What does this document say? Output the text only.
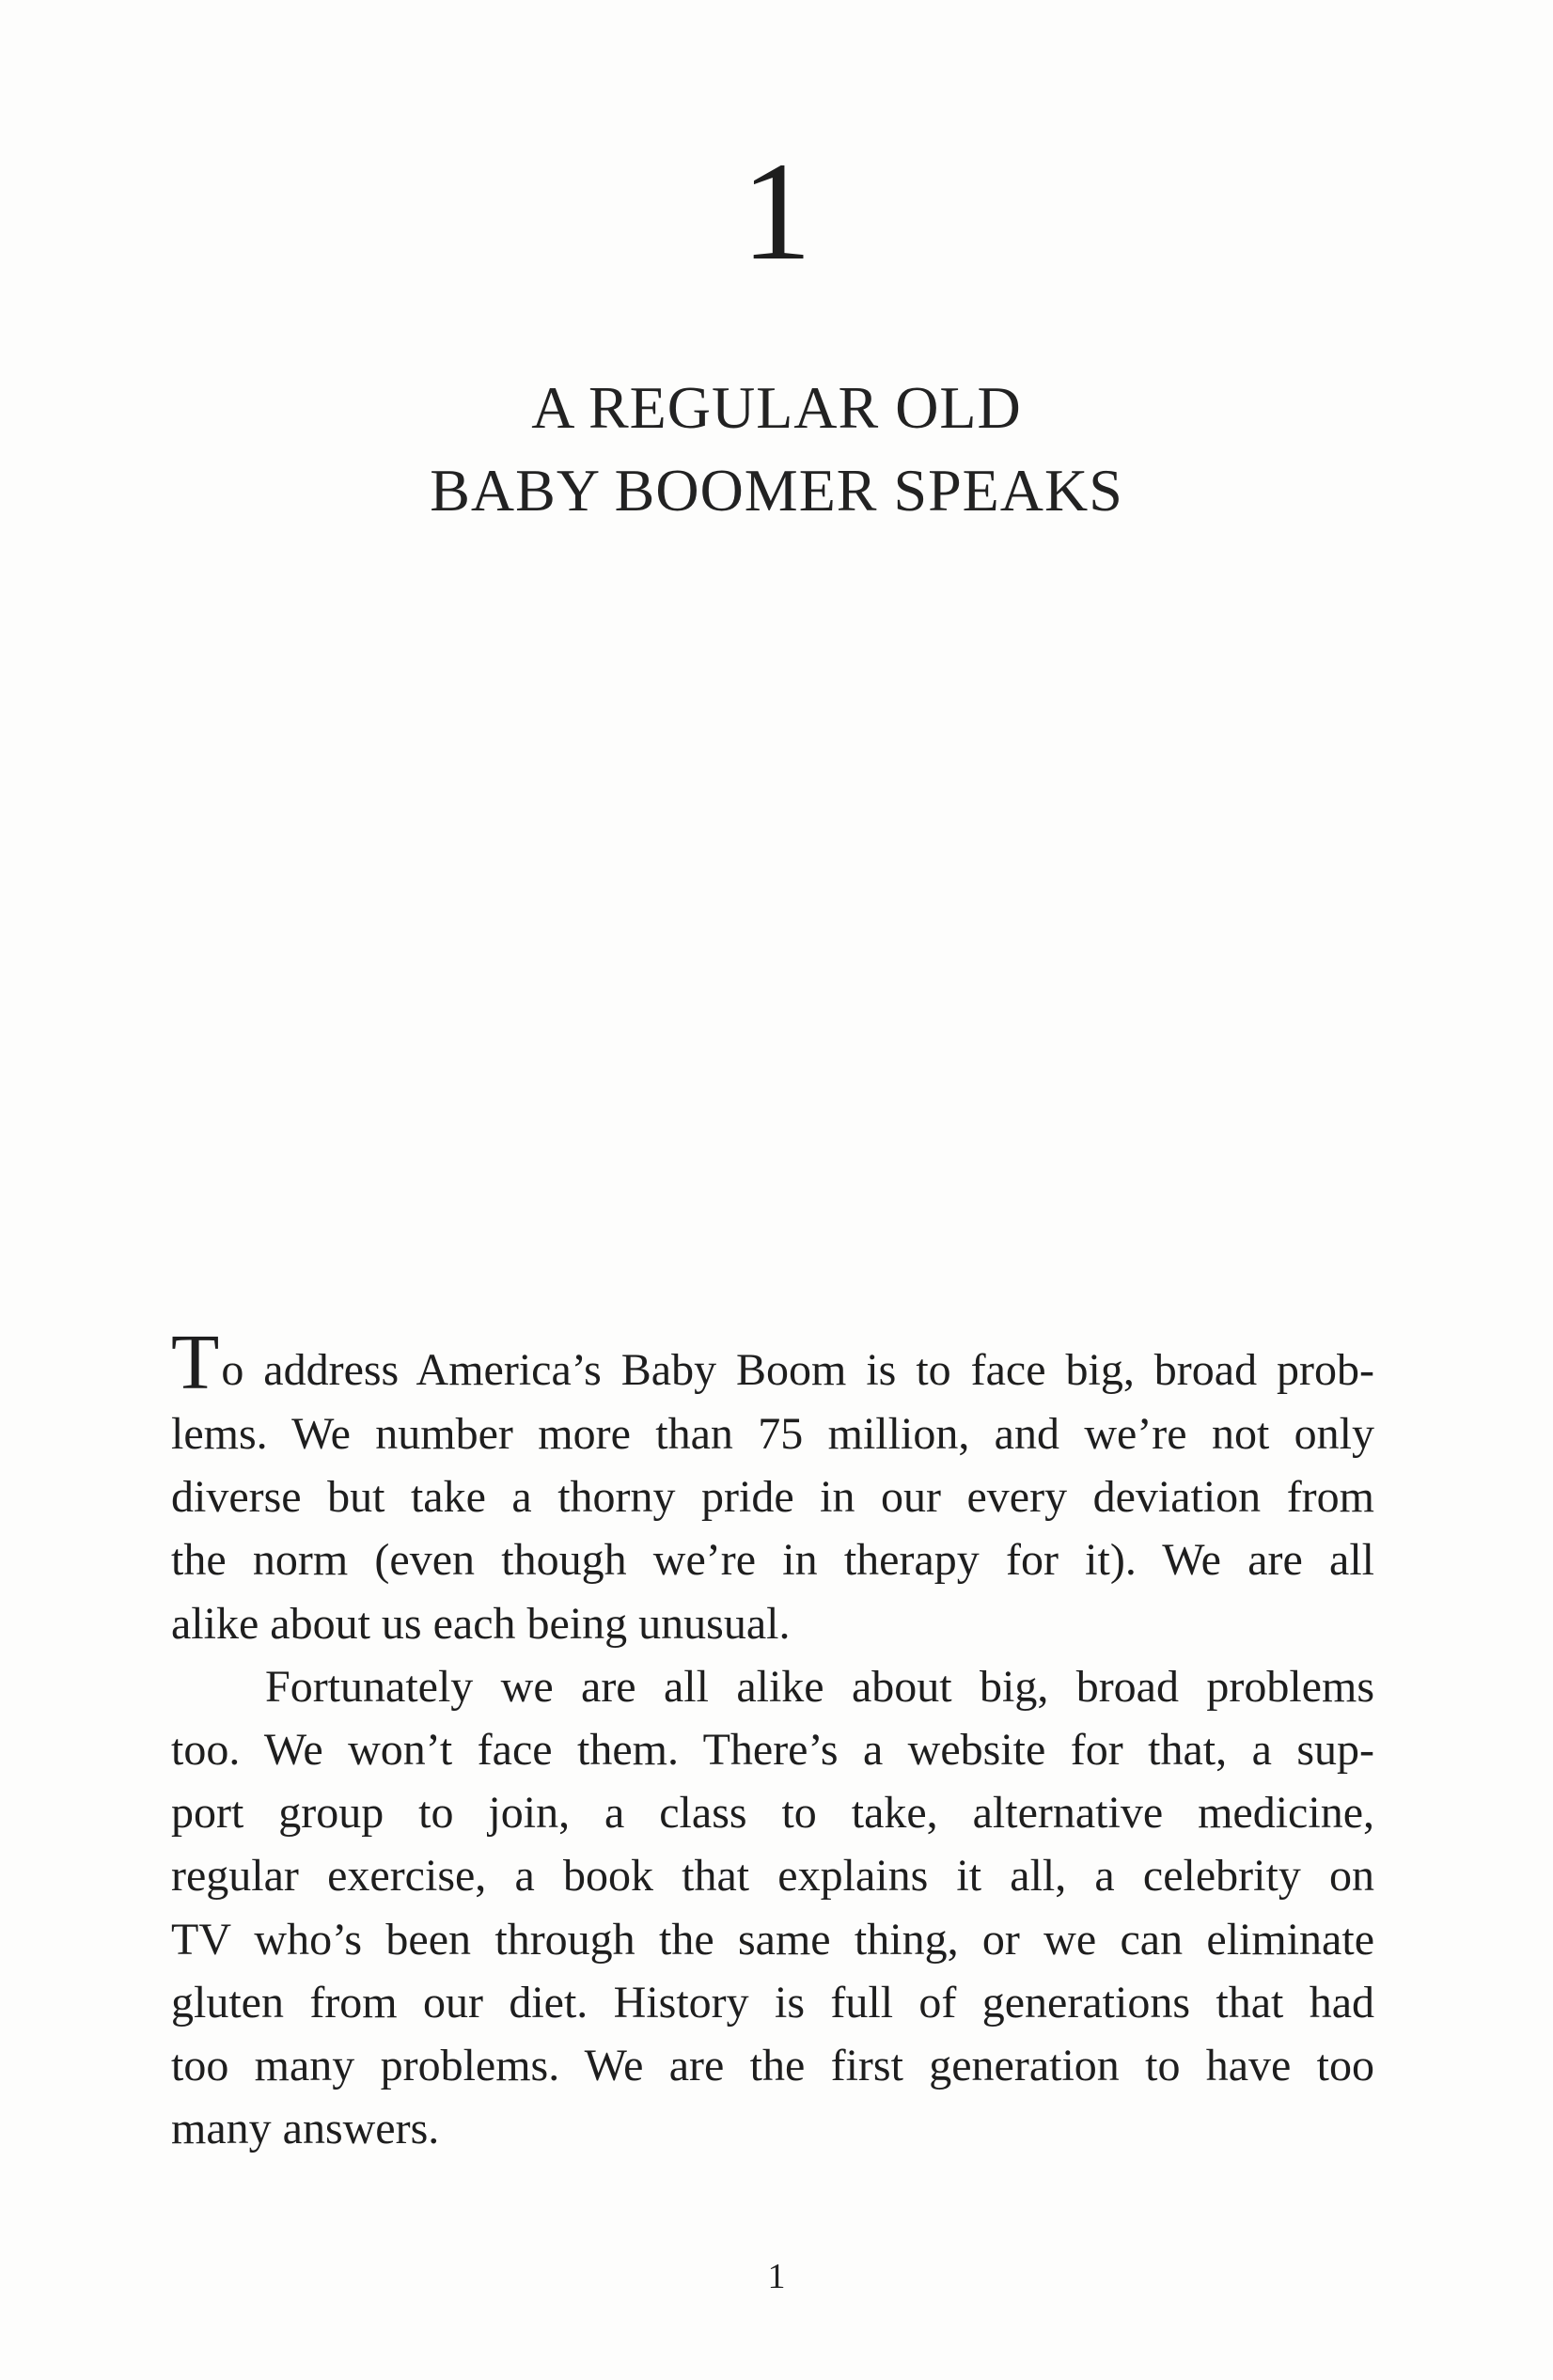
1
A REGULAR OLD
BABY BOOMER SPEAKS
To address America’s Baby Boom is to face big, broad prob-
lems. We number more than 75 million, and we’re not only
diverse but take a thorny pride in our every deviation from
the norm (even though we’re in therapy for it). We are all
alike about us each being unusual.
Fortunately we are all alike about big, broad problems
too. We won’t face them. There’s a website for that, a sup-
port group to join, a class to take, alternative medicine,
regular exercise, a book that explains it all, a celebrity on
TV who’s been through the same thing, or we can eliminate
gluten from our diet. History is full of generations that had
too many problems. We are the first generation to have too
many answers.
1
